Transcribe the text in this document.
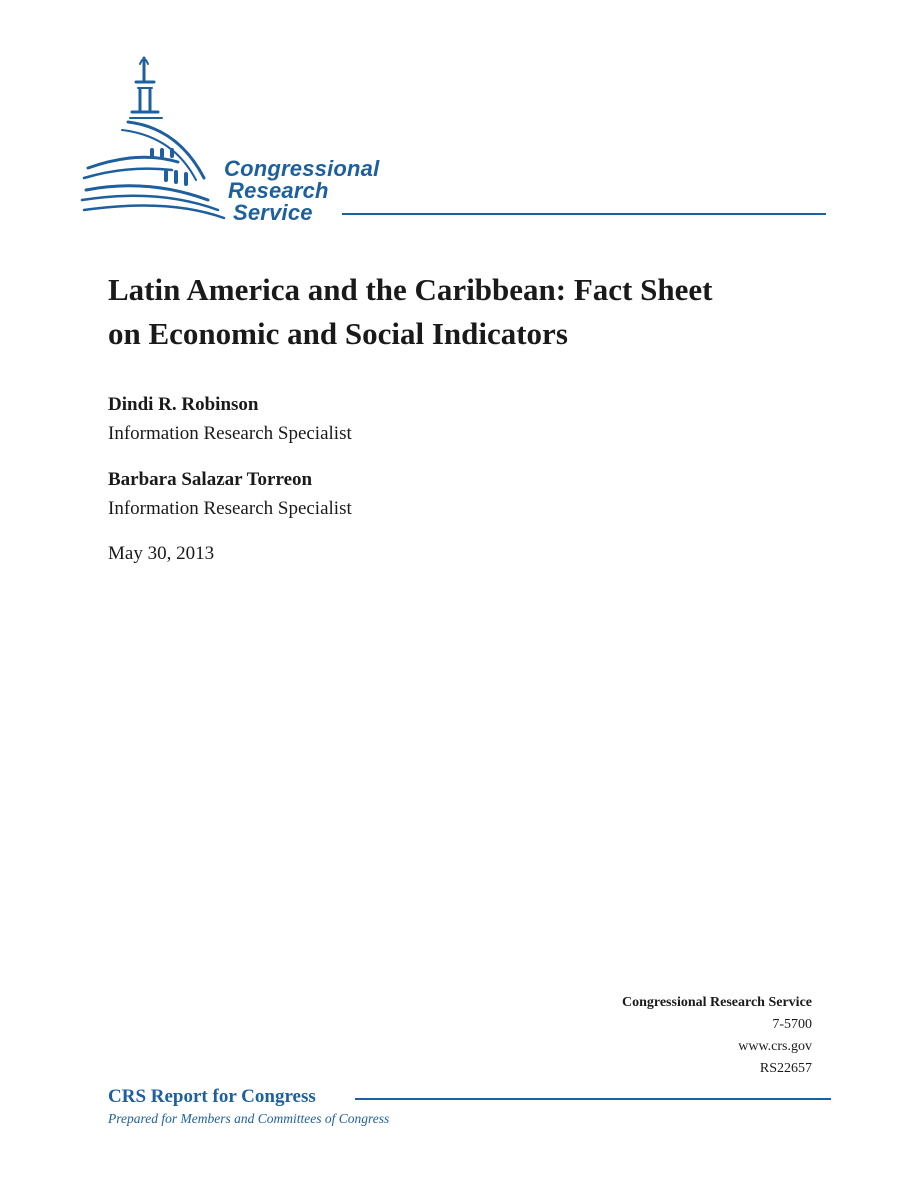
Congressional
Research
Service
Latin America and the Caribbean: Fact Sheet
on Economic and Social Indicators
Dindi R. Robinson
Information Research Specialist
Barbara Salazar Torreon
Information Research Specialist
May 30, 2013
Congressional Research Service
7-5700
www.crs.gov
RS22657
CRS Report for Congress
Prepared for Members and Committees of Congress
